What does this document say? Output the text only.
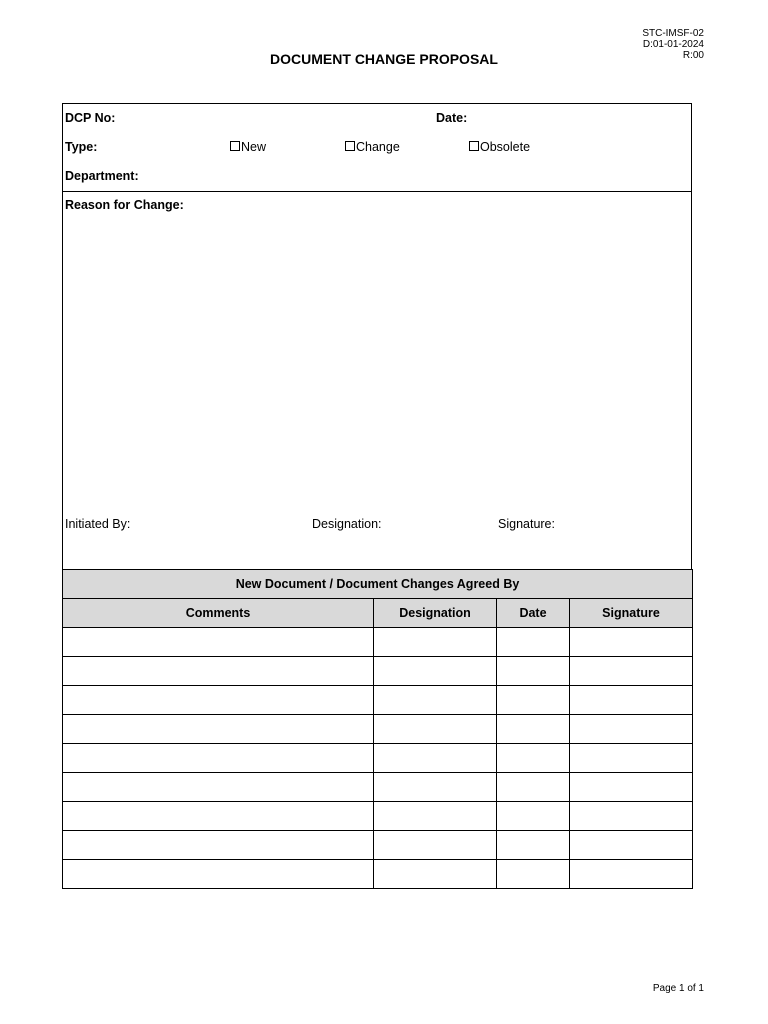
STC-IMSF-02
D:01-01-2024
R:00
DOCUMENT CHANGE PROPOSAL
DCP No:	Date:
Type:	New	Change	Obsolete
Department:
Reason for Change:
Initiated By:	Designation:	Signature:
New Document / Document Changes Agreed By			
Comments	Designation	Date	Signature

Page 1 of 1
